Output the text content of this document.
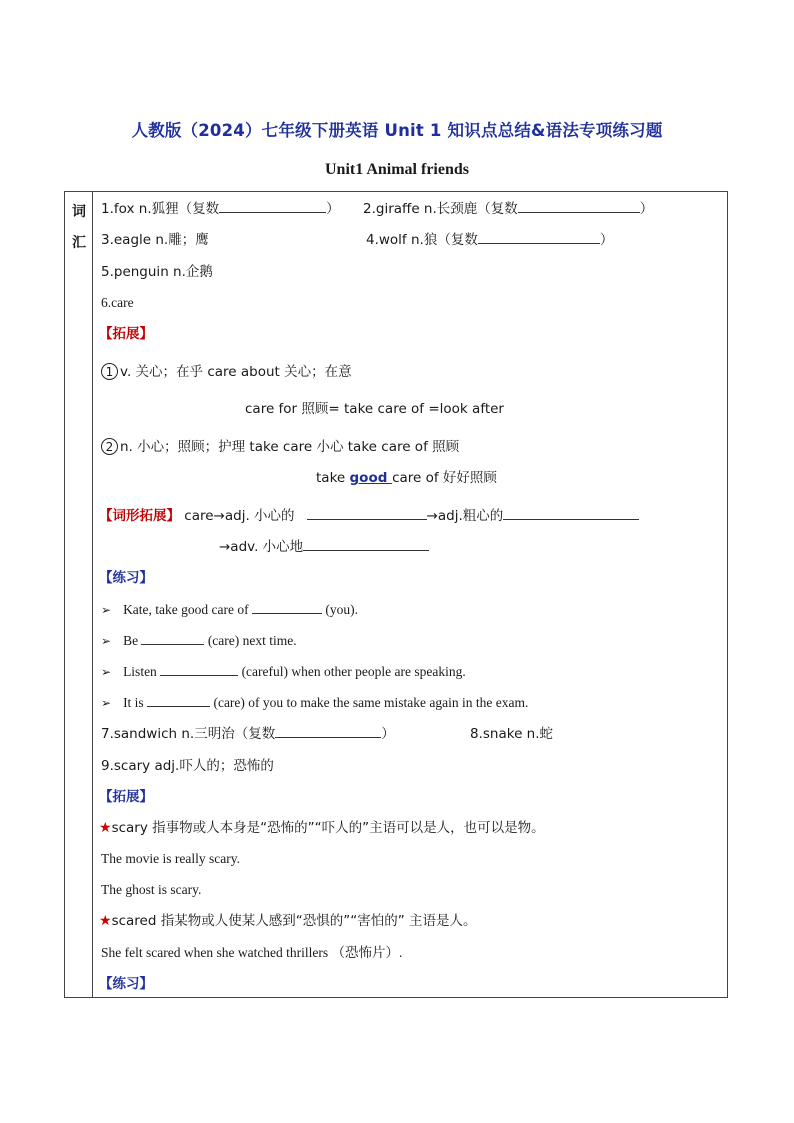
人教版（2024）七年级下册英语 Unit 1 知识点总结&语法专项练习题
Unit1 Animal friends
词
汇
1.fox n.狐狸（复数	） 2.giraffe n.长颈鹿（复数	）
3.eagle n.雕；鹰	4.wolf n.狼（复数	）
5.penguin n.企鹅
6.care
【拓展】
1 v. 关心；在乎 care about 关心；在意
care for 照顾= take care of =look after
2 n. 小心；照顾；护理 take care 小心 take care of 照顾
take good care of 好好照顾
【词形拓展】 care→adj. 小心的	→adj.粗心的
→adv. 小心地
【练习】
➢ Kate, take good care of	(you).
➢ Be	(care) next time.
➢ Listen	(careful) when other people are speaking.
➢ It is	(care) of you to make the same mistake again in the exam.
7.sandwich n.三明治（复数	）	8.snake n.蛇
9.scary adj.吓人的；恐怖的
【拓展】
★scary 指事物或人本身是“恐怖的”“吓人的”主语可以是人，也可以是物。
The movie is really scary.
The ghost is scary.
★scared 指某物或人使某人感到“恐惧的”“害怕的” 主语是人。
She felt scared when she watched thrillers （恐怖片）.
【练习】
